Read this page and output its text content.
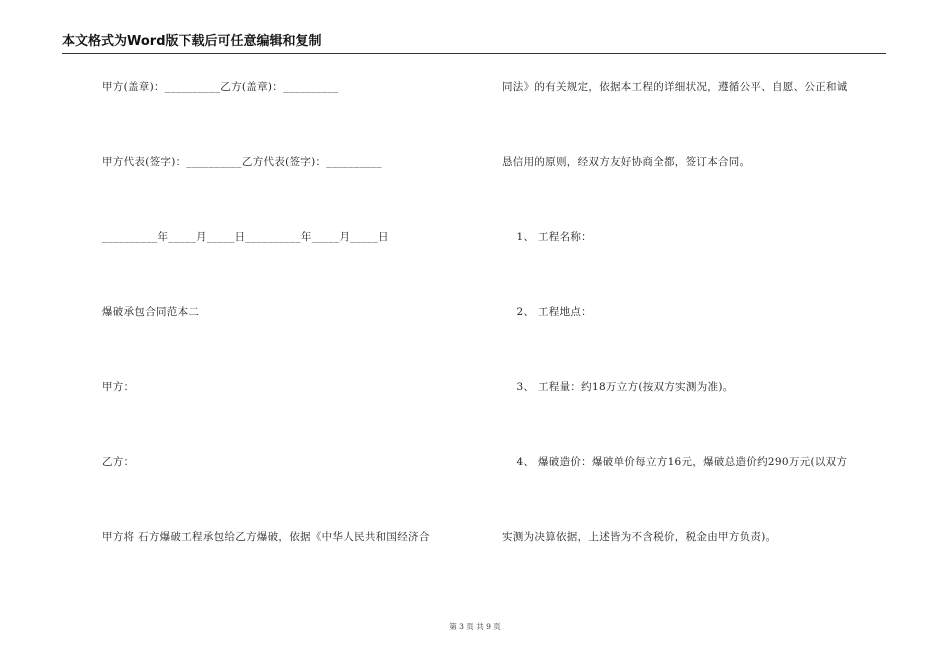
本文格式为Word版下载后可任意编辑和复制
甲方(盖章)：__________乙方(盖章)：__________
甲方代表(签字)：__________乙方代表(签字)：__________
__________年_____月_____日__________年_____月_____日
爆破承包合同范本二
甲方：
乙方：
甲方将 石方爆破工程承包给乙方爆破，依据《中华人民共和国经济合
同法》的有关规定，依据本工程的详细状况，遵循公平、自愿、公正和诚
恳信用的原则，经双方友好协商全都，签订本合同。
1、 工程名称：
2、 工程地点：
3、 工程量：约18万立方(按双方实测为准)。
4、 爆破造价：爆破单价每立方16元，爆破总造价约290万元(以双方
实测为决算依据，上述皆为不含税价，税金由甲方负责)。
第 3 页 共 9 页
